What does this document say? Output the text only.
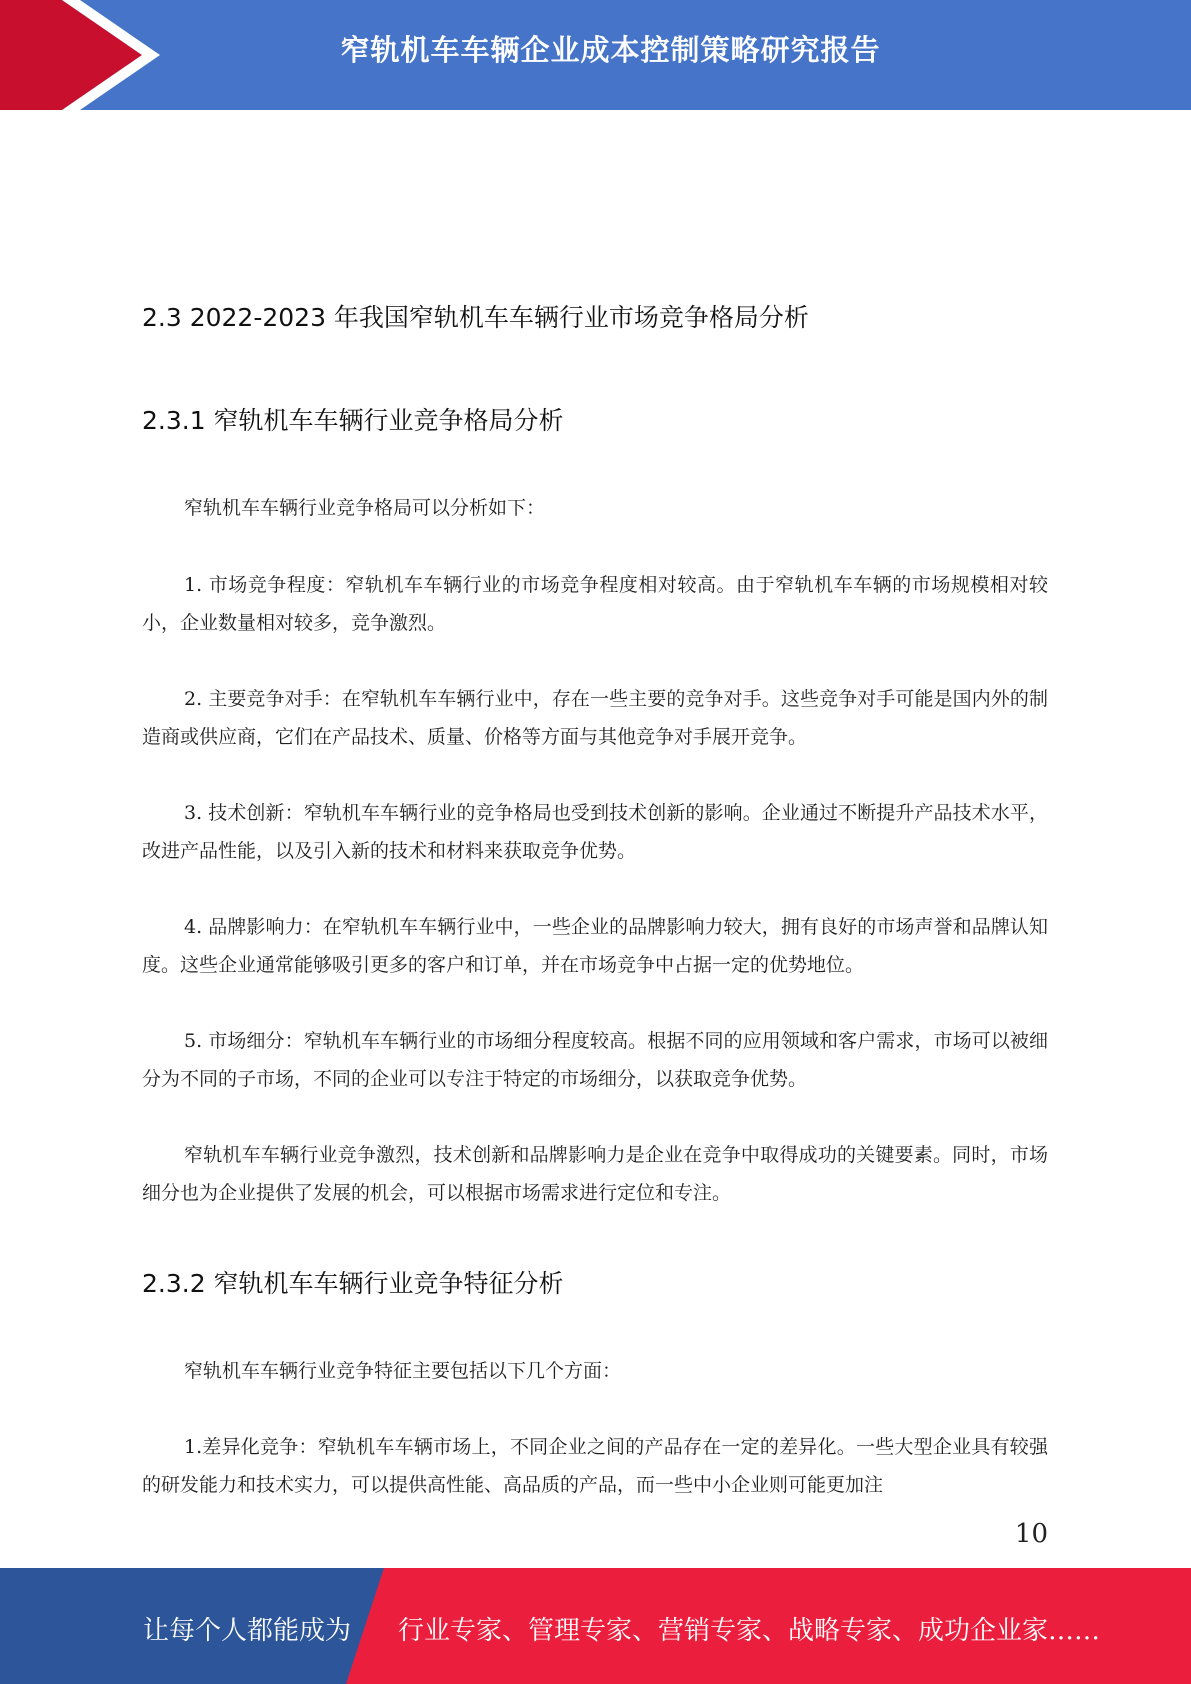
窄轨机车车辆企业成本控制策略研究报告
2.3 2022-2023 年我国窄轨机车车辆行业市场竞争格局分析
2.3.1 窄轨机车车辆行业竞争格局分析

窄轨机车车辆行业竞争格局可以分析如下：

1. 市场竞争程度：窄轨机车车辆行业的市场竞争程度相对较高。由于窄轨机车车辆的市场规模相对较小，企业数量相对较多，竞争激烈。

2. 主要竞争对手：在窄轨机车车辆行业中，存在一些主要的竞争对手。这些竞争对手可能是国内外的制造商或供应商，它们在产品技术、质量、价格等方面与其他竞争对手展开竞争。

3. 技术创新：窄轨机车车辆行业的竞争格局也受到技术创新的影响。企业通过不断提升产品技术水平，改进产品性能，以及引入新的技术和材料来获取竞争优势。

4. 品牌影响力：在窄轨机车车辆行业中，一些企业的品牌影响力较大，拥有良好的市场声誉和品牌认知度。这些企业通常能够吸引更多的客户和订单，并在市场竞争中占据一定的优势地位。

5. 市场细分：窄轨机车车辆行业的市场细分程度较高。根据不同的应用领域和客户需求，市场可以被细分为不同的子市场，不同的企业可以专注于特定的市场细分，以获取竞争优势。

窄轨机车车辆行业竞争激烈，技术创新和品牌影响力是企业在竞争中取得成功的关键要素。同时，市场细分也为企业提供了发展的机会，可以根据市场需求进行定位和专注。

2.3.2 窄轨机车车辆行业竞争特征分析

窄轨机车车辆行业竞争特征主要包括以下几个方面：

1.差异化竞争：窄轨机车车辆市场上，不同企业之间的产品存在一定的差异化。一些大型企业具有较强的研发能力和技术实力，可以提供高性能、高品质的产品，而一些中小企业则可能更加注

10
让每个人都能成为 行业专家、管理专家、营销专家、战略专家、成功企业家……
